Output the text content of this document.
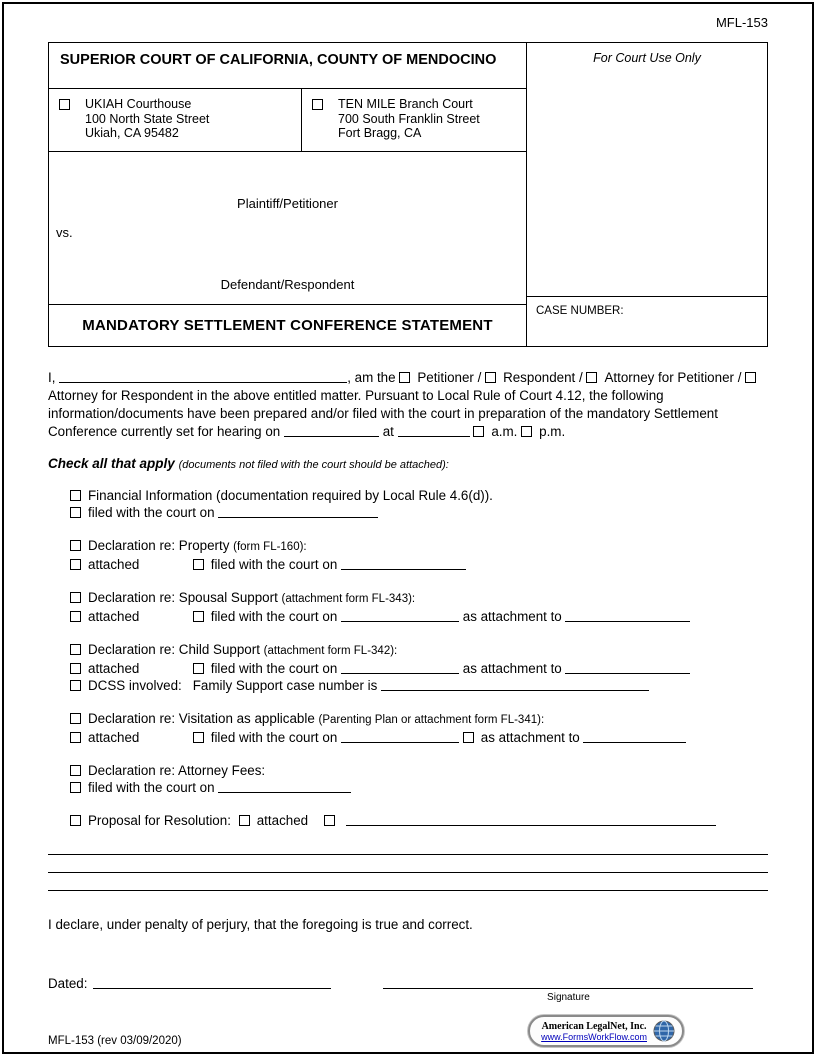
MFL-153
SUPERIOR COURT OF CALIFORNIA, COUNTY OF MENDOCINO
UKIAH Courthouse
100 North State Street
Ukiah, CA 95482
TEN MILE Branch Court
700 South Franklin Street
Fort Bragg, CA
Plaintiff/Petitioner
vs.
Defendant/Respondent
MANDATORY SETTLEMENT CONFERENCE STATEMENT
For Court Use Only
CASE NUMBER:

I,	, am the Petitioner / Respondent / Attorney for Petitioner / Attorney for Respondent in the above entitled matter. Pursuant to Local Rule of Court 4.12, the following information/documents have been prepared and/or filed with the court in preparation of the mandatory Settlement Conference currently set for hearing on	at	a.m. p.m.

Check all that apply (documents not filed with the court should be attached):
Financial Information (documentation required by Local Rule 4.6(d)).
filed with the court on
Declaration re: Property (form FL-160):
attached	filed with the court on
Declaration re: Spousal Support (attachment form FL-343):
attached	filed with the court on	as attachment to
Declaration re: Child Support (attachment form FL-342):
attached	filed with the court on	as attachment to
DCSS involved: Family Support case number is
Declaration re: Visitation as applicable (Parenting Plan or attachment form FL-341):
attached	filed with the court on	as attachment to
Declaration re: Attorney Fees:
filed with the court on
Proposal for Resolution: attached
I declare, under penalty of perjury, that the foregoing is true and correct.
Dated:
Signature
MFL-153 (rev 03/09/2020)
American LegalNet, Inc.
www.FormsWorkFlow.com
